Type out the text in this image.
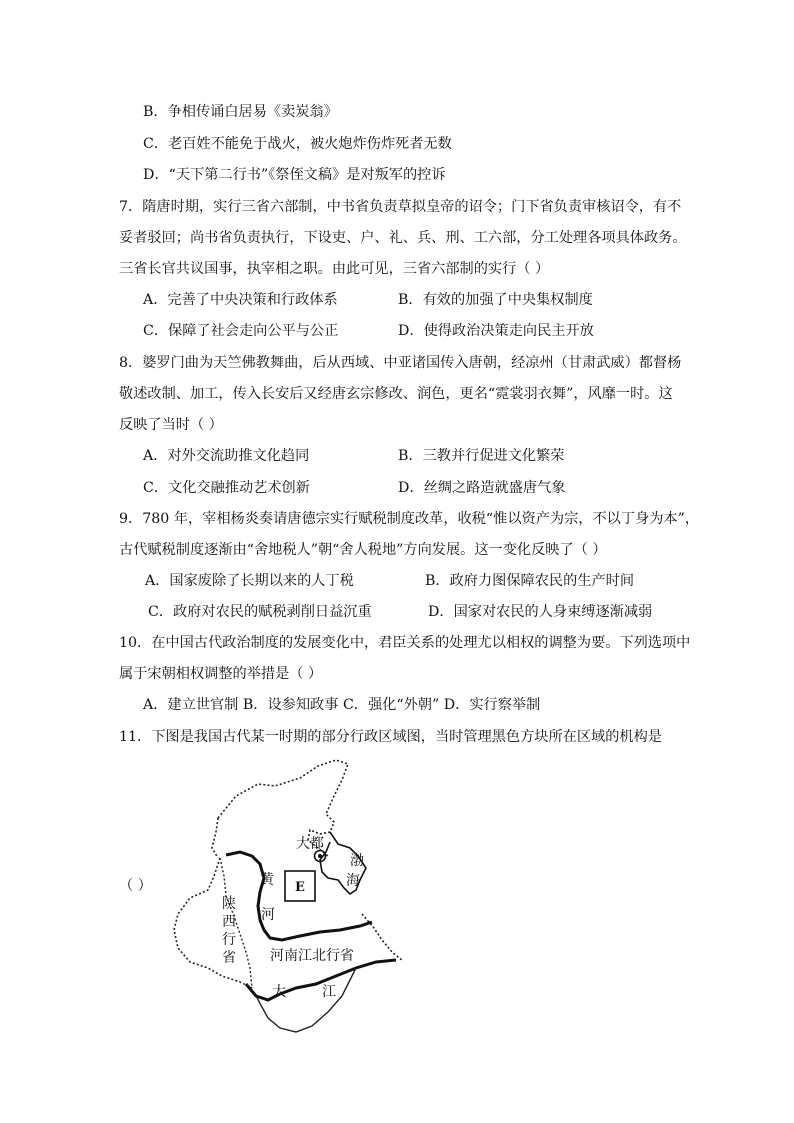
B．争相传诵白居易《卖炭翁》
C．老百姓不能免于战火，被火炮炸伤炸死者无数
D．“天下第二行书”《祭侄文稿》是对叛军的控诉
7．隋唐时期，实行三省六部制，中书省负责草拟皇帝的诏令；门下省负责审核诏令，有不
妥者驳回；尚书省负责执行，下设吏、户、礼、兵、刑、工六部，分工处理各项具体政务。
三省长官共议国事，执宰相之职。由此可见，三省六部制的实行（ ）
A．完善了中央决策和行政体系	B．有效的加强了中央集权制度
C．保障了社会走向公平与公正	D．使得政治决策走向民主开放
8．婆罗门曲为天竺佛教舞曲，后从西域、中亚诸国传入唐朝，经凉州（甘肃武威）都督杨
敬述改制、加工，传入长安后又经唐玄宗修改、润色，更名“霓裳羽衣舞”，风靡一时。这
反映了当时（ ）
A．对外交流助推文化趋同	B．三教并行促进文化繁荣
C．文化交融推动艺术创新	D．丝绸之路造就盛唐气象
9．780 年，宰相杨炎奏请唐德宗实行赋税制度改革，收税“惟以资产为宗，不以丁身为本”，
古代赋税制度逐渐由“舍地税人”朝“舍人税地”方向发展。这一变化反映了（ ）
A．国家废除了长期以来的人丁税	B．政府力图保障农民的生产时间
C．政府对农民的赋税剥削日益沉重	D．国家对农民的人身束缚逐渐减弱
10．在中国古代政治制度的发展变化中，君臣关系的处理尤以相权的调整为要。下列选项中
属于宋朝相权调整的举措是（ ）
A．建立世官制 B．设参知政事 C．强化“外朝” D．实行察举制
11．下图是我国古代某一时期的部分行政区域图，当时管理黑色方块所在区域的机构是
（ ）
大都
渤
海
黄
河
E
陕
西
行
省 河南江北行省
大	江
